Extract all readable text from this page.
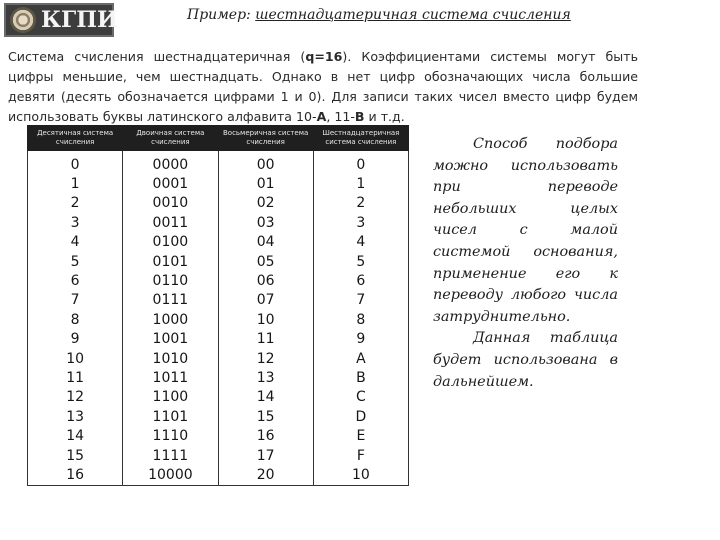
КГПИ	Пример: шестнадцатеричная система счисления
Система счисления шестнадцатеричная (q=16). Коэффициентами системы могут быть
цифры меньшие, чем шестнадцать. Однако в нет цифр обозначающих числа большие
девяти (десять обозначается цифрами 1 и 0). Для записи таких чисел вместо цифр будем
использовать буквы латинского алфавита 10-A, 11-B и т.д.
Десятичная система счисления	Двоичная система счисления	Восьмеричная система счисления	Шестнадцатеричная система счисления

0	0000	00	0
1	0001	01	1
2	0010	02	2
3	0011	03	3
4	0100	04	4
5	0101	05	5
6	0110	06	6
7	0111	07	7
8	1000	10	8
9	1001	11	9
10	1010	12	A
11	1011	13	B
12	1100	14	C
13	1101	15	D
14	1110	16	E
15	1111	17	F
16	10000	20	10
Способ подбора
можно использовать
при переводе
небольших целых
чисел с малой
системой основания,
применение его к
переводу любого числа
затруднительно.
Данная таблица
будет использована в
дальнейшем.
